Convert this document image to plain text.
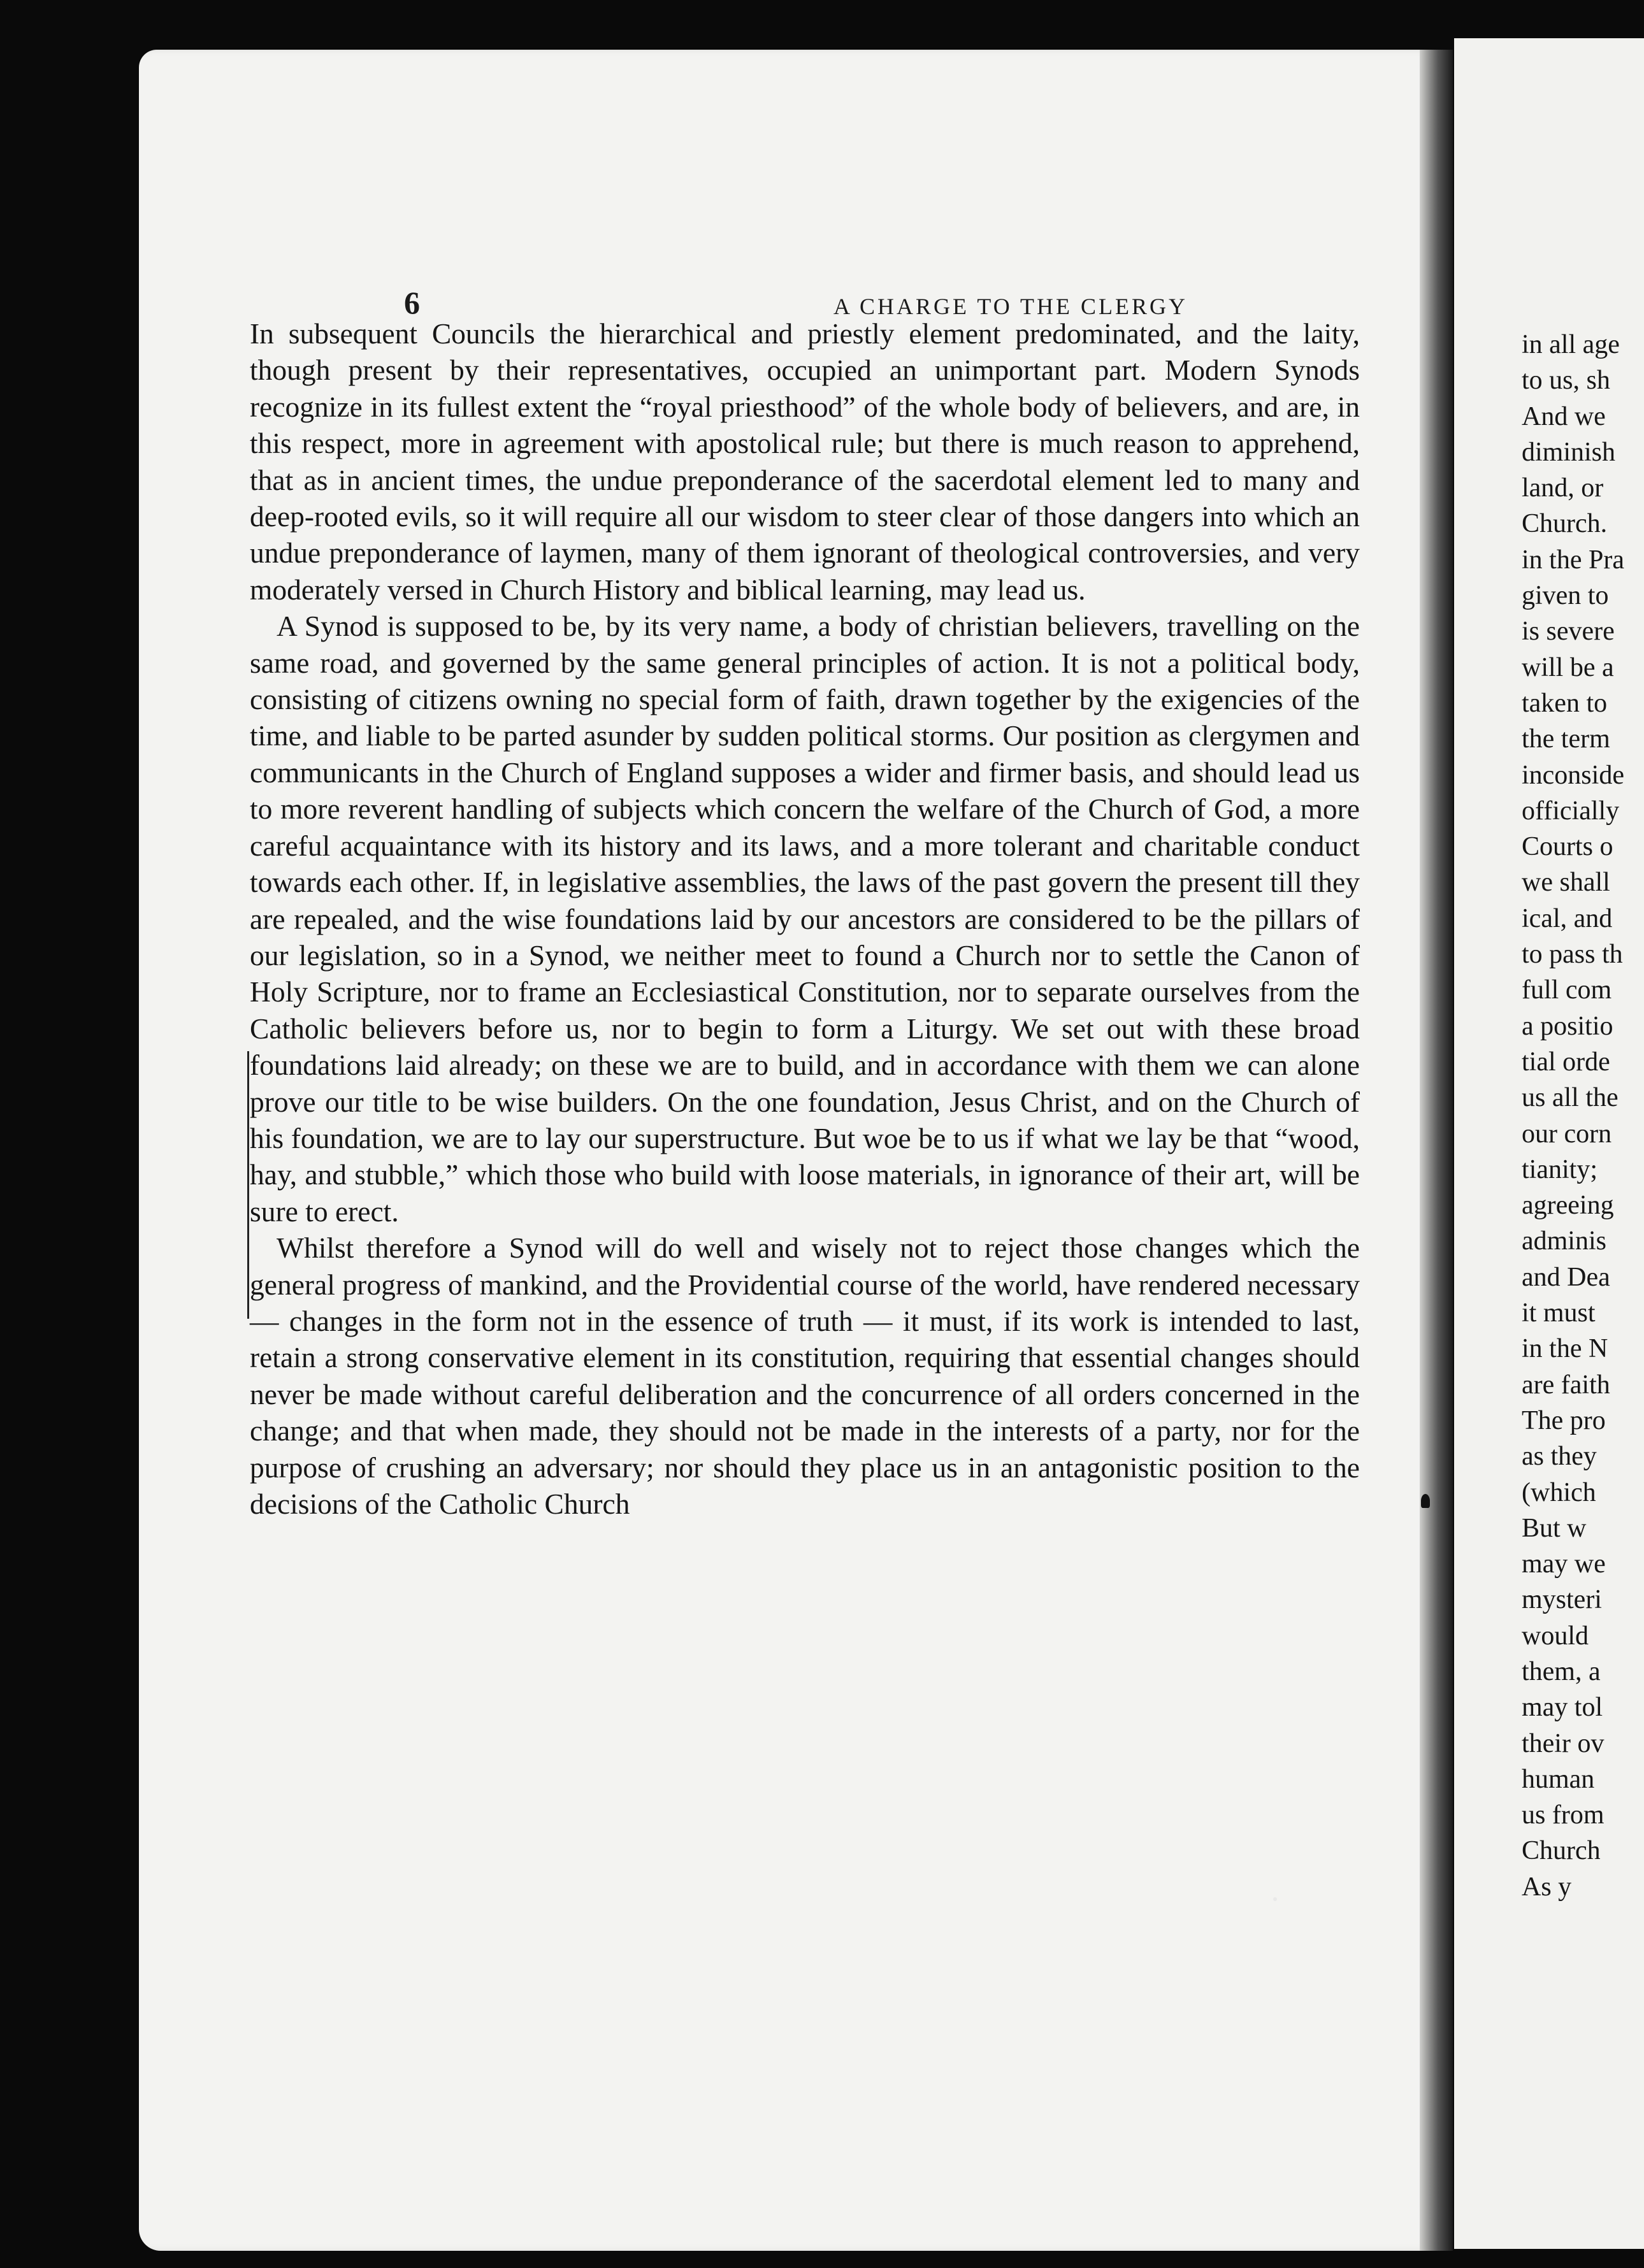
6	A CHARGE TO THE CLERGY

In subsequent Councils the hierarchical and priestly element predominated, and the laity, though present by their representatives, occupied an unimportant part. Modern Synods recognize in its fullest extent the “royal priesthood” of the whole body of believers, and are, in this respect, more in agreement with apostolical rule; but there is much reason to apprehend, that as in ancient times, the undue preponderance of the sacerdotal element led to many and deep-rooted evils, so it will require all our wisdom to steer clear of those dangers into which an undue preponderance of laymen, many of them ignorant of theological controversies, and very moderately versed in Church History and biblical learning, may lead us.

A Synod is supposed to be, by its very name, a body of christian believers, travelling on the same road, and governed by the same general principles of action. It is not a political body, consisting of citizens owning no special form of faith, drawn together by the exigencies of the time, and liable to be parted asunder by sudden political storms. Our position as clergymen and communicants in the Church of England supposes a wider and firmer basis, and should lead us to more reverent handling of subjects which concern the welfare of the Church of God, a more careful acquaintance with its history and its laws, and a more tolerant and charitable conduct towards each other. If, in legislative assemblies, the laws of the past govern the present till they are repealed, and the wise foundations laid by our ancestors are considered to be the pillars of our legislation, so in a Synod, we neither meet to found a Church nor to settle the Canon of Holy Scripture, nor to frame an Ecclesiastical Constitution, nor to separate ourselves from the Catholic believers before us, nor to begin to form a Liturgy. We set out with these broad foundations laid already; on these we are to build, and in accordance with them we can alone prove our title to be wise builders. On the one foundation, Jesus Christ, and on the Church of his foundation, we are to lay our superstructure. But woe be to us if what we lay be that “wood, hay, and stubble,” which those who build with loose materials, in ignorance of their art, will be sure to erect.

Whilst therefore a Synod will do well and wisely not to reject those changes which the general progress of mankind, and the Providential course of the world, have rendered necessary — changes in the form not in the essence of truth — it must, if its work is intended to last, retain a strong conservative element in its constitution, requiring that essential changes should never be made without careful deliberation and the concurrence of all orders concerned in the change; and that when made, they should not be made in the interests of a party, nor for the purpose of crushing an adversary; nor should they place us in an antagonistic position to the decisions of the Catholic Church

in all age
to us, sh
And we
diminish
land, or
Church.
in the Pra
given to
is severe
will be a
taken to
the term
inconside
officially
Courts o
we shall
ical, and
to pass th
full com
a positio
tial orde
us all the
our corn
tianity;
agreeing
adminis
and Dea
it must
in the N
are faith
The pro
as they
(which
But w
may we
mysteri
would
them, a
may tol
their ov
human
us from
Church
As y
